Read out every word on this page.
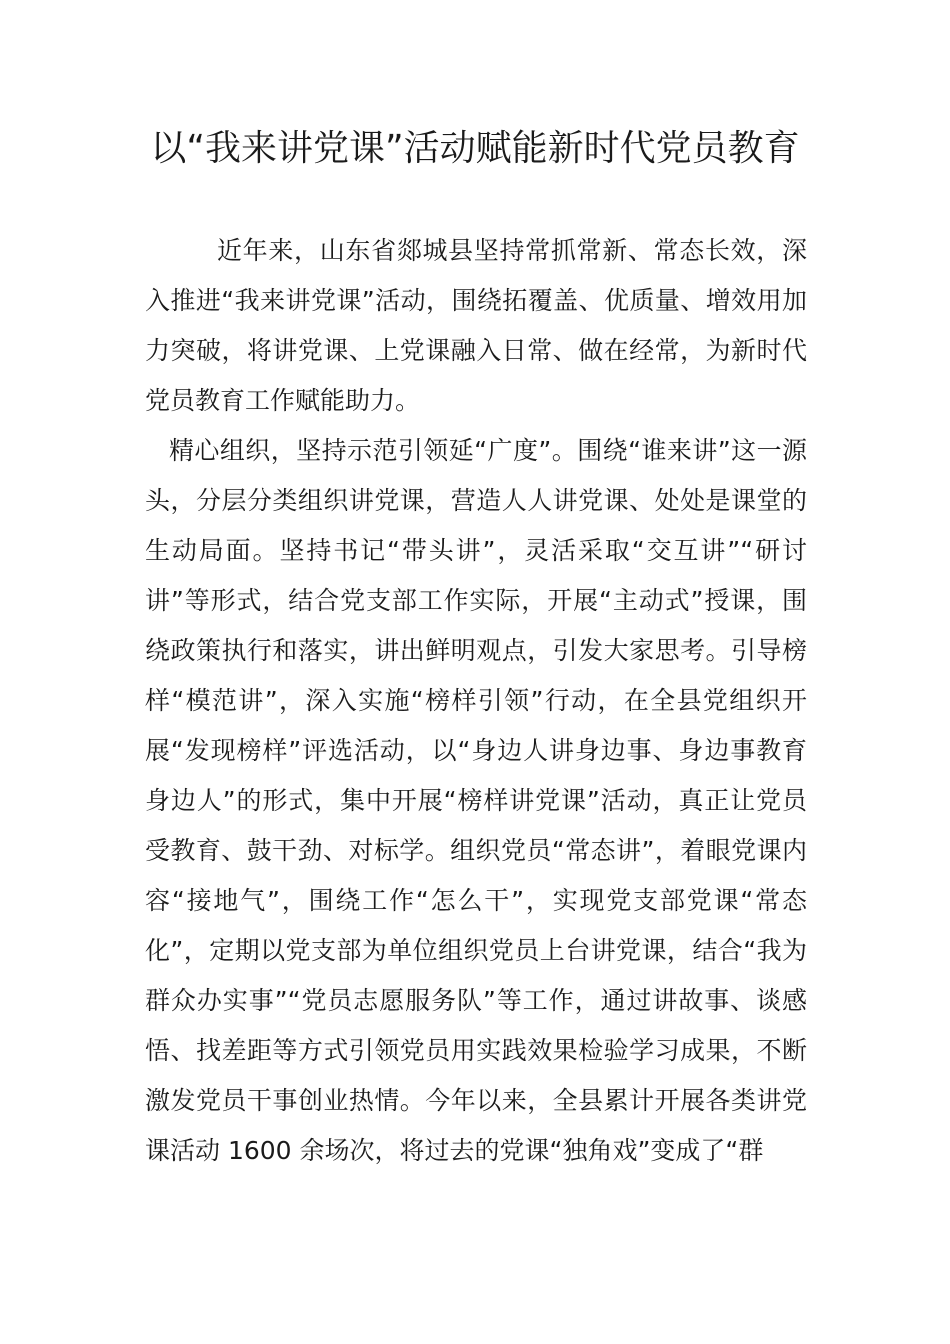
以“我来讲党课”活动赋能新时代党员教育

近年来，山东省郯城县坚持常抓常新、常态长效，深入推进“我来讲党课”活动，围绕拓覆盖、优质量、增效用加力突破，将讲党课、上党课融入日常、做在经常，为新时代党员教育工作赋能助力。

精心组织，坚持示范引领延“广度”。围绕“谁来讲”这一源头，分层分类组织讲党课，营造人人讲党课、处处是课堂的生动局面。坚持书记“带头讲”，灵活采取“交互讲”“研讨讲”等形式，结合党支部工作实际，开展“主动式”授课，围绕政策执行和落实，讲出鲜明观点，引发大家思考。引导榜样“模范讲”，深入实施“榜样引领”行动，在全县党组织开展“发现榜样”评选活动，以“身边人讲身边事、身边事教育身边人”的形式，集中开展“榜样讲党课”活动，真正让党员受教育、鼓干劲、对标学。组织党员“常态讲”，着眼党课内容“接地气”，围绕工作“怎么干”，实现党支部党课“常态化”，定期以党支部为单位组织党员上台讲党课，结合“我为群众办实事”“党员志愿服务队”等工作，通过讲故事、谈感悟、找差距等方式引领党员用实践效果检验学习成果，不断激发党员干事创业热情。今年以来，全县累计开展各类讲党课活动 1600 余场次，将过去的党课“独角戏”变成了“群
